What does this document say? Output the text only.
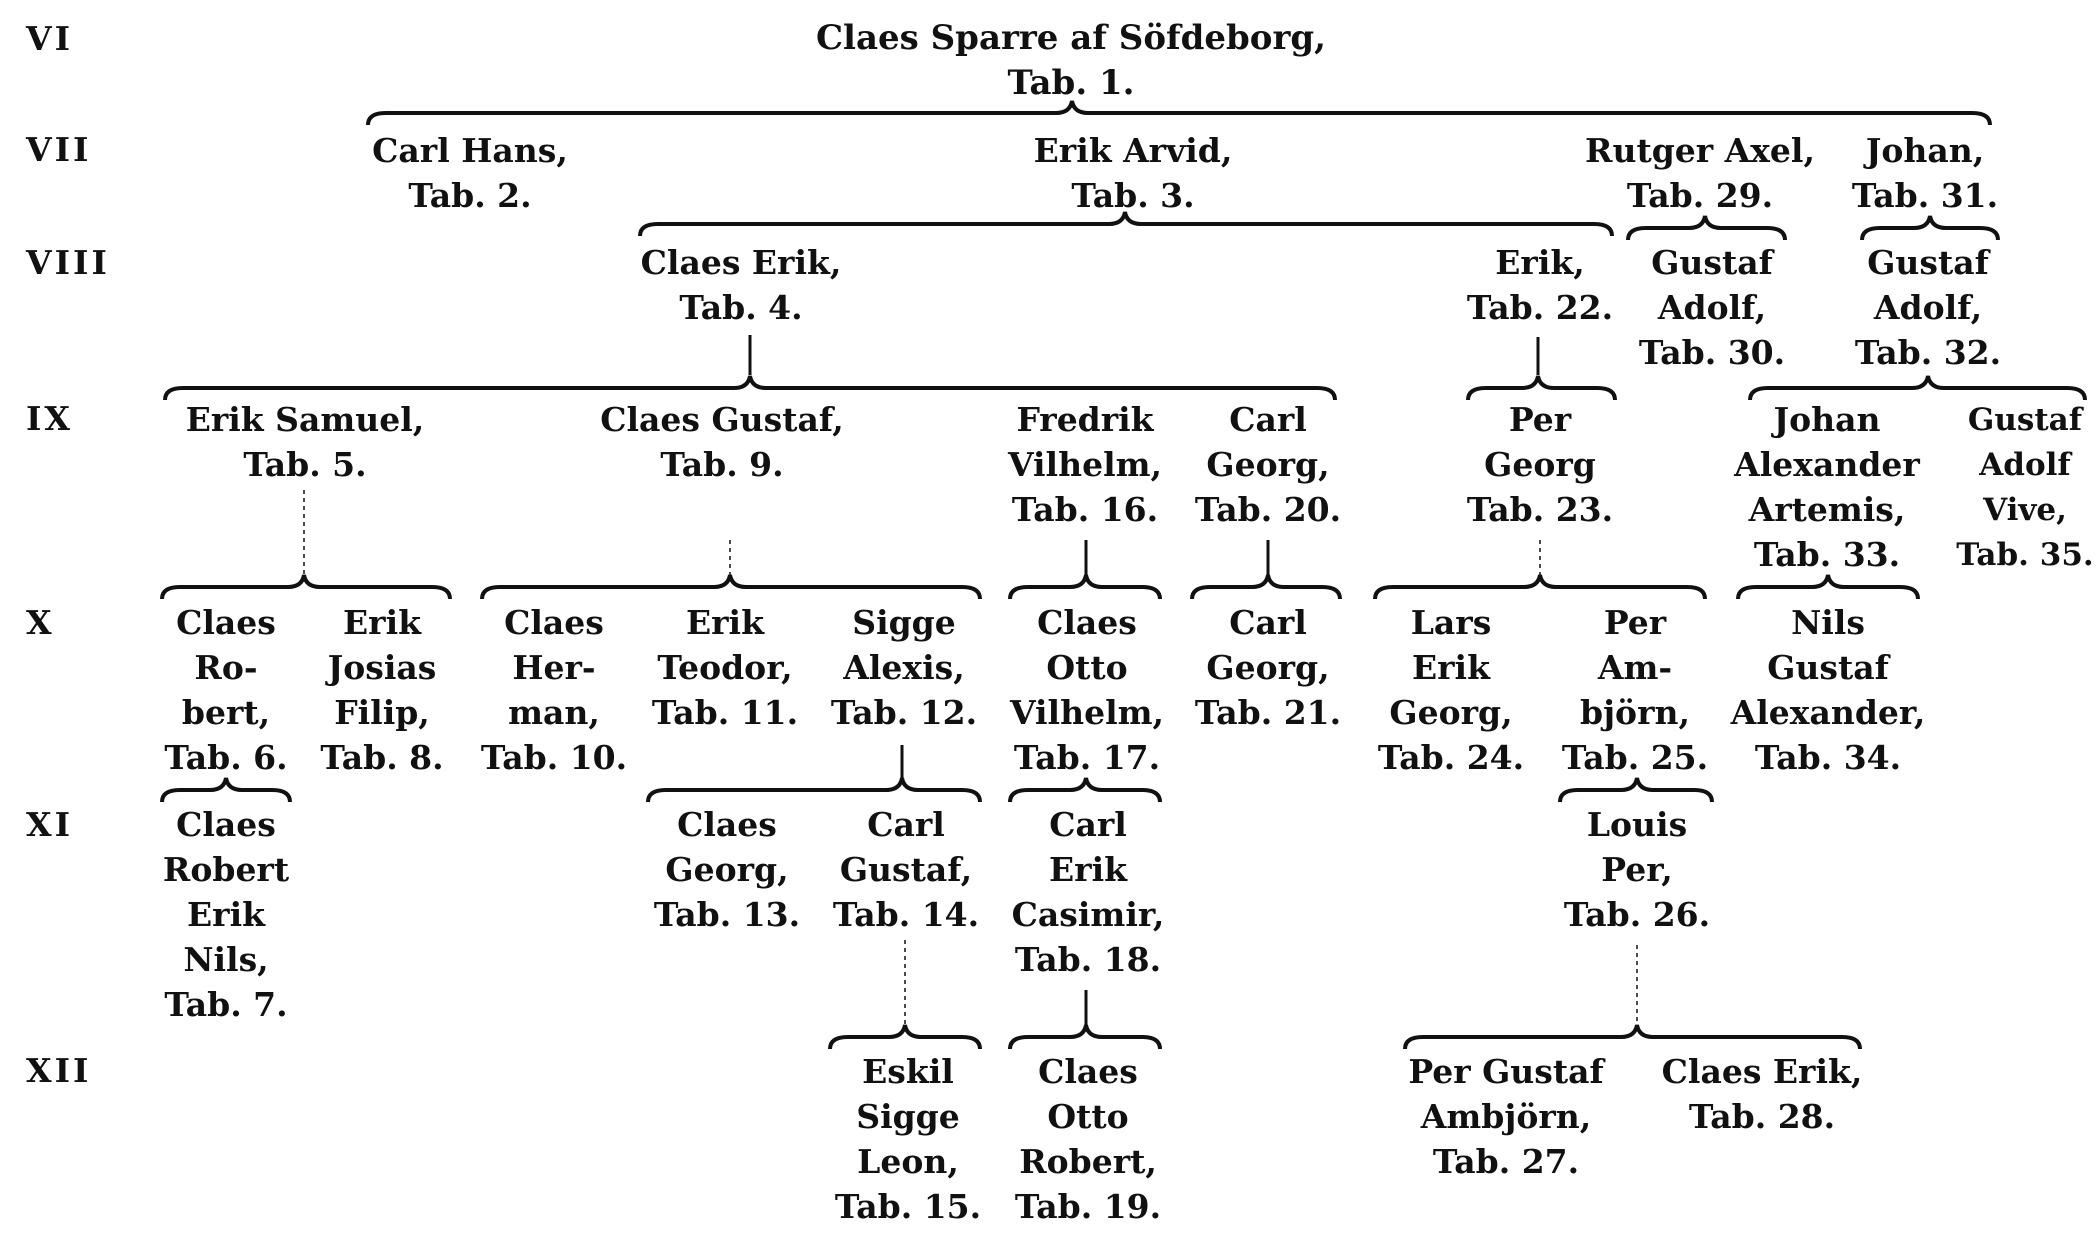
VI
VII
VIII
IX
X
XI
XII
Claes Sparre af Söfdeborg,
Tab. 1.
Carl Hans,
Tab. 2.
Erik Arvid,
Tab. 3.
Rutger Axel,
Tab. 29.
Johan,
Tab. 31.
Claes Erik,
Tab. 4.
Erik,
Tab. 22.
Gustaf
Adolf,
Tab. 30.
Gustaf
Adolf,
Tab. 32.
Erik Samuel,
Tab. 5.
Claes Gustaf,
Tab. 9.
Fredrik
Vilhelm,
Tab. 16.
Carl
Georg,
Tab. 20.
Per
Georg
Tab. 23.
Johan
Alexander
Artemis,
Tab. 33.
Gustaf
Adolf
Vive,
Tab. 35.
Claes
Ro-
bert,
Tab. 6.
Erik
Josias
Filip,
Tab. 8.
Claes
Her-
man,
Tab. 10.
Erik
Teodor,
Tab. 11.
Sigge
Alexis,
Tab. 12.
Claes
Otto
Vilhelm,
Tab. 17.
Carl
Georg,
Tab. 21.
Lars
Erik
Georg,
Tab. 24.
Per
Am-
björn,
Tab. 25.
Nils
Gustaf
Alexander,
Tab. 34.
Claes
Robert
Erik
Nils,
Tab. 7.
Claes
Georg,
Tab. 13.
Carl
Gustaf,
Tab. 14.
Carl
Erik
Casimir,
Tab. 18.
Louis
Per,
Tab. 26.
Eskil
Sigge
Leon,
Tab. 15.
Claes
Otto
Robert,
Tab. 19.
Per Gustaf
Ambjörn,
Tab. 27.
Claes Erik,
Tab. 28.
